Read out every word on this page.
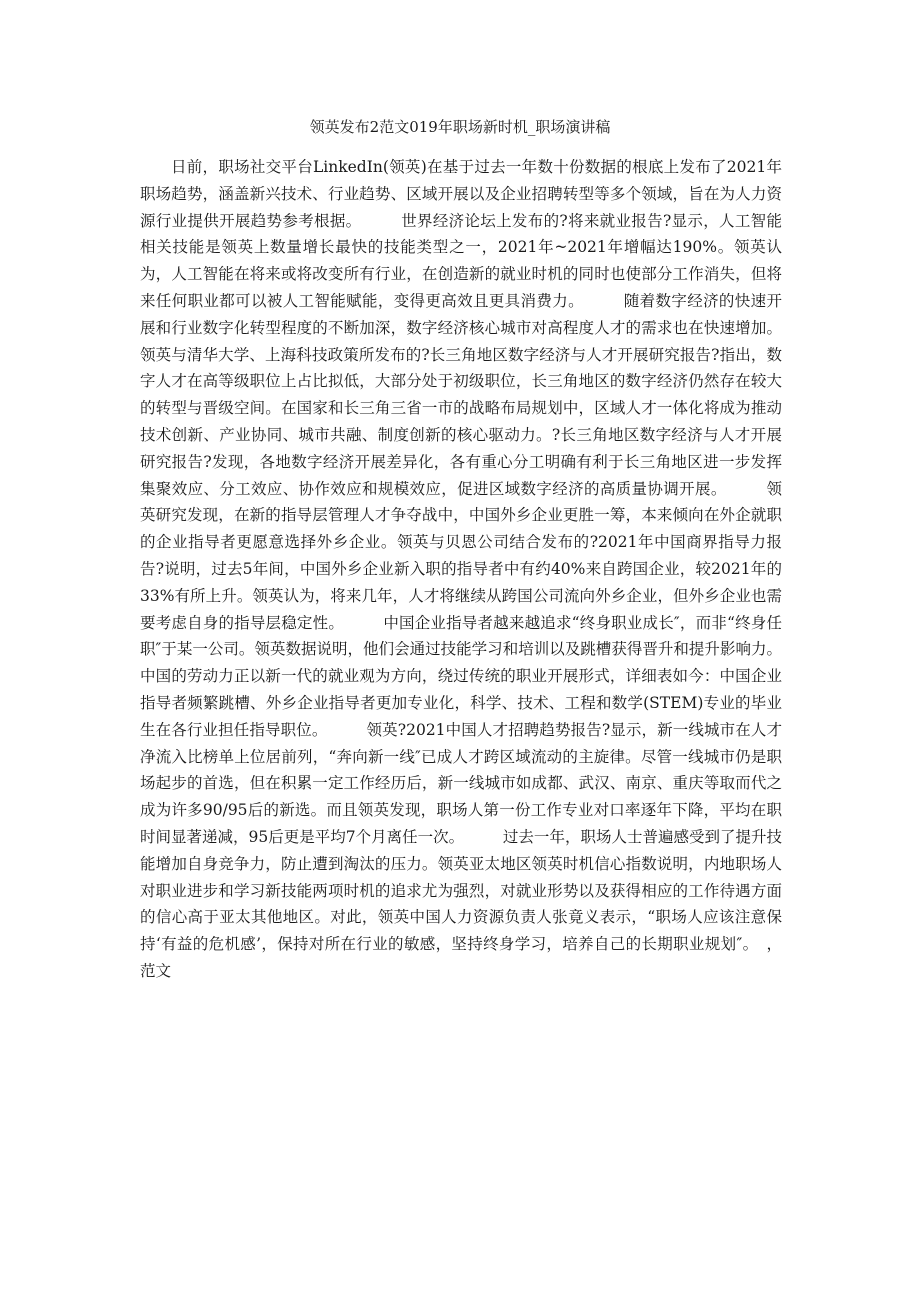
领英发布2范文019年职场新时机_职场演讲稿

日前，职场社交平台LinkedIn(领英)在基于过去一年数十份数据的根底上发布了2021年职场趋势，涵盖新兴技术、行业趋势、区域开展以及企业招聘转型等多个领域，旨在为人力资源行业提供开展趋势参考根据。　　　世界经济论坛上发布的?将来就业报告?显示，人工智能相关技能是领英上数量增长最快的技能类型之一，2021年~2021年增幅达190%。领英认为，人工智能在将来或将改变所有行业，在创造新的就业时机的同时也使部分工作消失，但将来任何职业都可以被人工智能赋能，变得更高效且更具消费力。　　　随着数字经济的快速开展和行业数字化转型程度的不断加深，数字经济核心城市对高程度人才的需求也在快速增加。领英与清华大学、上海科技政策所发布的?长三角地区数字经济与人才开展研究报告?指出，数字人才在高等级职位上占比拟低，大部分处于初级职位，长三角地区的数字经济仍然存在较大的转型与晋级空间。在国家和长三角三省一市的战略布局规划中，区域人才一体化将成为推动技术创新、产业协同、城市共融、制度创新的核心驱动力。?长三角地区数字经济与人才开展研究报告?发现，各地数字经济开展差异化，各有重心分工明确有利于长三角地区进一步发挥集聚效应、分工效应、协作效应和规模效应，促进区域数字经济的高质量协调开展。　　　领英研究发现，在新的指导层管理人才争夺战中，中国外乡企业更胜一筹，本来倾向在外企就职的企业指导者更愿意选择外乡企业。领英与贝恩公司结合发布的?2021年中国商界指导力报告?说明，过去5年间，中国外乡企业新入职的指导者中有约40%来自跨国企业，较2021年的33%有所上升。领英认为，将来几年，人才将继续从跨国公司流向外乡企业，但外乡企业也需要考虑自身的指导层稳定性。　　　中国企业指导者越来越追求“终身职业成长″，而非“终身任职″于某一公司。领英数据说明，他们会通过技能学习和培训以及跳槽获得晋升和提升影响力。中国的劳动力正以新一代的就业观为方向，绕过传统的职业开展形式，详细表如今：中国企业指导者频繁跳槽、外乡企业指导者更加专业化，科学、技术、工程和数学(STEM)专业的毕业生在各行业担任指导职位。　　　领英?2021中国人才招聘趋势报告?显示，新一线城市在人才净流入比榜单上位居前列，“奔向新一线″已成人才跨区域流动的主旋律。尽管一线城市仍是职场起步的首选，但在积累一定工作经历后，新一线城市如成都、武汉、南京、重庆等取而代之成为许多90/95后的新选。而且领英发现，职场人第一份工作专业对口率逐年下降，平均在职时间显著递减，95后更是平均7个月离任一次。　　　过去一年，职场人士普遍感受到了提升技能增加自身竞争力，防止遭到淘汰的压力。领英亚太地区领英时机信心指数说明，内地职场人对职业进步和学习新技能两项时机的追求尤为强烈，对就业形势以及获得相应的工作待遇方面的信心高于亚太其他地区。对此，领英中国人力资源负责人张竟义表示，“职场人应该注意保持‘有益的危机感’，保持对所在行业的敏感，坚持终身学习，培养自己的长期职业规划″。　，范文
